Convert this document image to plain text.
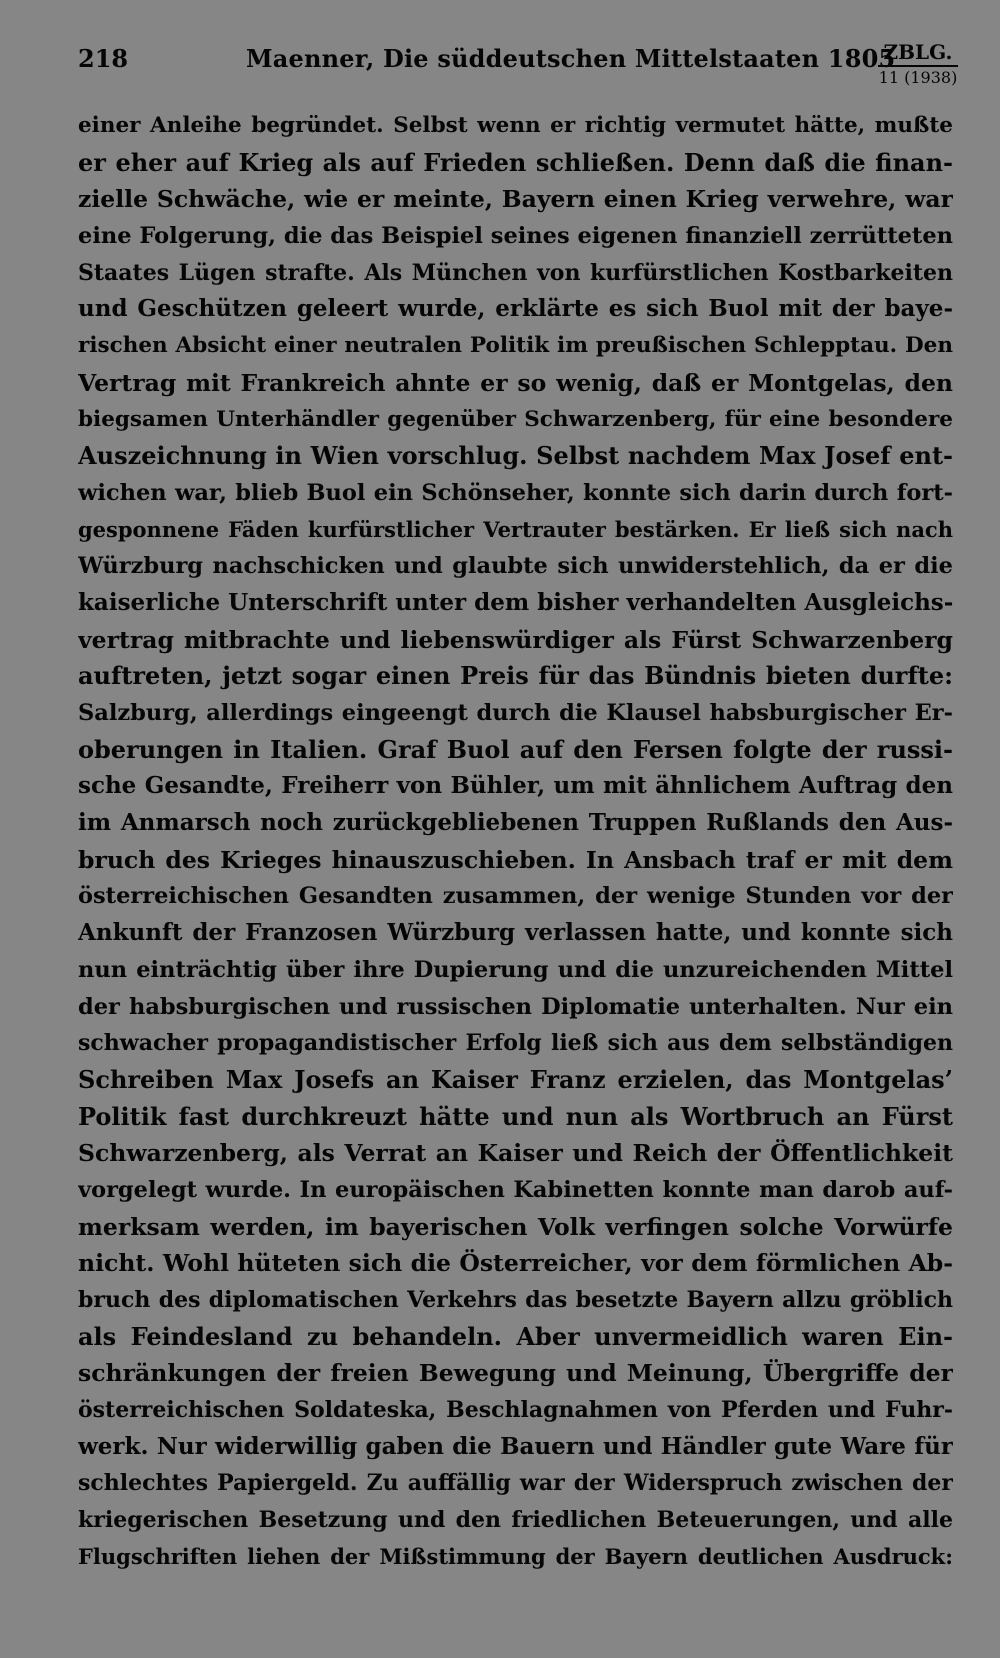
218	Maenner, Die süddeutschen Mittelstaaten 1805
ZBLG.
11 (1938)
einer Anleihe begründet. Selbst wenn er richtig vermutet hätte, mußte
er eher auf Krieg als auf Frieden schließen. Denn daß die finan-
zielle Schwäche, wie er meinte, Bayern einen Krieg verwehre, war
eine Folgerung, die das Beispiel seines eigenen finanziell zerrütteten
Staates Lügen strafte. Als München von kurfürstlichen Kostbarkeiten
und Geschützen geleert wurde, erklärte es sich Buol mit der baye-
rischen Absicht einer neutralen Politik im preußischen Schlepptau. Den
Vertrag mit Frankreich ahnte er so wenig, daß er Montgelas, den
biegsamen Unterhändler gegenüber Schwarzenberg, für eine besondere
Auszeichnung in Wien vorschlug. Selbst nachdem Max Josef ent-
wichen war, blieb Buol ein Schönseher, konnte sich darin durch fort-
gesponnene Fäden kurfürstlicher Vertrauter bestärken. Er ließ sich nach
Würzburg nachschicken und glaubte sich unwiderstehlich, da er die
kaiserliche Unterschrift unter dem bisher verhandelten Ausgleichs-
vertrag mitbrachte und liebenswürdiger als Fürst Schwarzenberg
auftreten, jetzt sogar einen Preis für das Bündnis bieten durfte:
Salzburg, allerdings eingeengt durch die Klausel habsburgischer Er-
oberungen in Italien. Graf Buol auf den Fersen folgte der russi-
sche Gesandte, Freiherr von Bühler, um mit ähnlichem Auftrag den
im Anmarsch noch zurückgebliebenen Truppen Rußlands den Aus-
bruch des Krieges hinauszuschieben. In Ansbach traf er mit dem
österreichischen Gesandten zusammen, der wenige Stunden vor der
Ankunft der Franzosen Würzburg verlassen hatte, und konnte sich
nun einträchtig über ihre Dupierung und die unzureichenden Mittel
der habsburgischen und russischen Diplomatie unterhalten. Nur ein
schwacher propagandistischer Erfolg ließ sich aus dem selbständigen
Schreiben Max Josefs an Kaiser Franz erzielen, das Montgelas’
Politik fast durchkreuzt hätte und nun als Wortbruch an Fürst
Schwarzenberg, als Verrat an Kaiser und Reich der Öffentlichkeit
vorgelegt wurde. In europäischen Kabinetten konnte man darob auf-
merksam werden, im bayerischen Volk verfingen solche Vorwürfe
nicht. Wohl hüteten sich die Österreicher, vor dem förmlichen Ab-
bruch des diplomatischen Verkehrs das besetzte Bayern allzu gröblich
als Feindesland zu behandeln. Aber unvermeidlich waren Ein-
schränkungen der freien Bewegung und Meinung, Übergriffe der
österreichischen Soldateska, Beschlagnahmen von Pferden und Fuhr-
werk. Nur widerwillig gaben die Bauern und Händler gute Ware für
schlechtes Papiergeld. Zu auffällig war der Widerspruch zwischen der
kriegerischen Besetzung und den friedlichen Beteuerungen, und alle
Flugschriften liehen der Mißstimmung der Bayern deutlichen Ausdruck:
